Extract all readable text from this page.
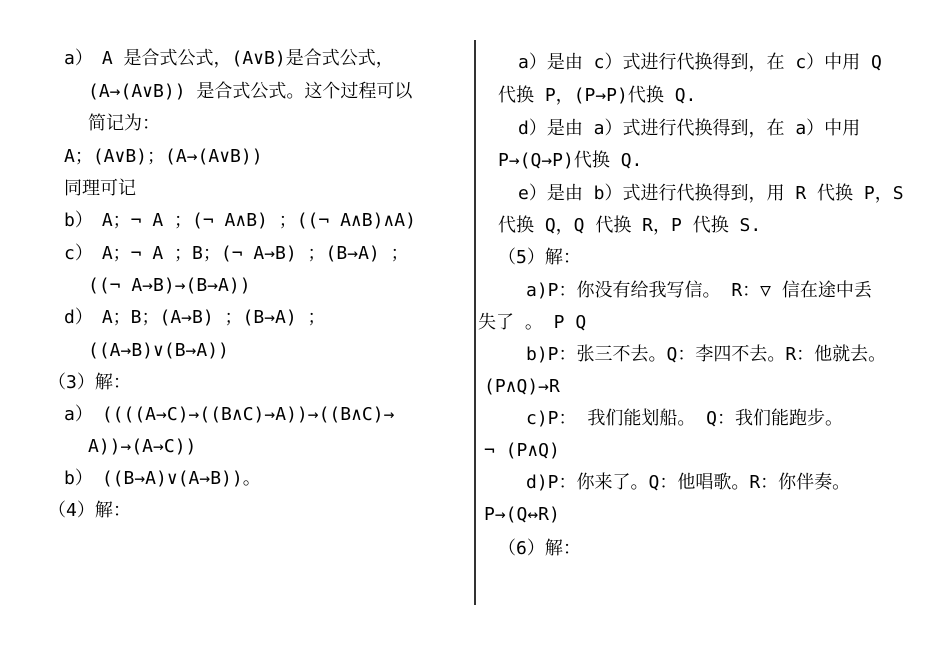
a）　A 是合式公式，(A∨B)是合式公式，
(A→(A∨B)) 是合式公式。这个过程可以
简记为：
A；(A∨B)；(A→(A∨B))
同理可记
b）　A；¬ A ；(¬ A∧B) ；((¬ A∧B)∧A)
c）　A；¬ A ；B；(¬ A→B) ；(B→A) ；
((¬ A→B)→(B→A))
d）　A；B；(A→B) ；(B→A) ；
((A→B)∨(B→A))
（3）解：
a）　((((A→C)→((B∧C)→A))→((B∧C)→
A))→(A→C))
b）　((B→A)∨(A→B))。
（4）解：
a）是由 c）式进行代换得到，在 c）中用 Q
代换 P，(P→P)代换 Q.
d）是由 a）式进行代换得到，在 a）中用
P→(Q→P)代换 Q.
e）是由 b）式进行代换得到，用 R 代换 P，S
代换 Q，Q 代换 R，P 代换 S.
（5）解：
a)P：你没有给我写信。 R：▽ 信在途中丢
失了 。 P Q
b)P：张三不去。Q：李四不去。R：他就去。
(P∧Q)→R
c)P： 我们能划船。 Q：我们能跑步。
¬ (P∧Q)
d)P：你来了。Q：他唱歌。R：你伴奏。
P→(Q↔R)
（6）解：
